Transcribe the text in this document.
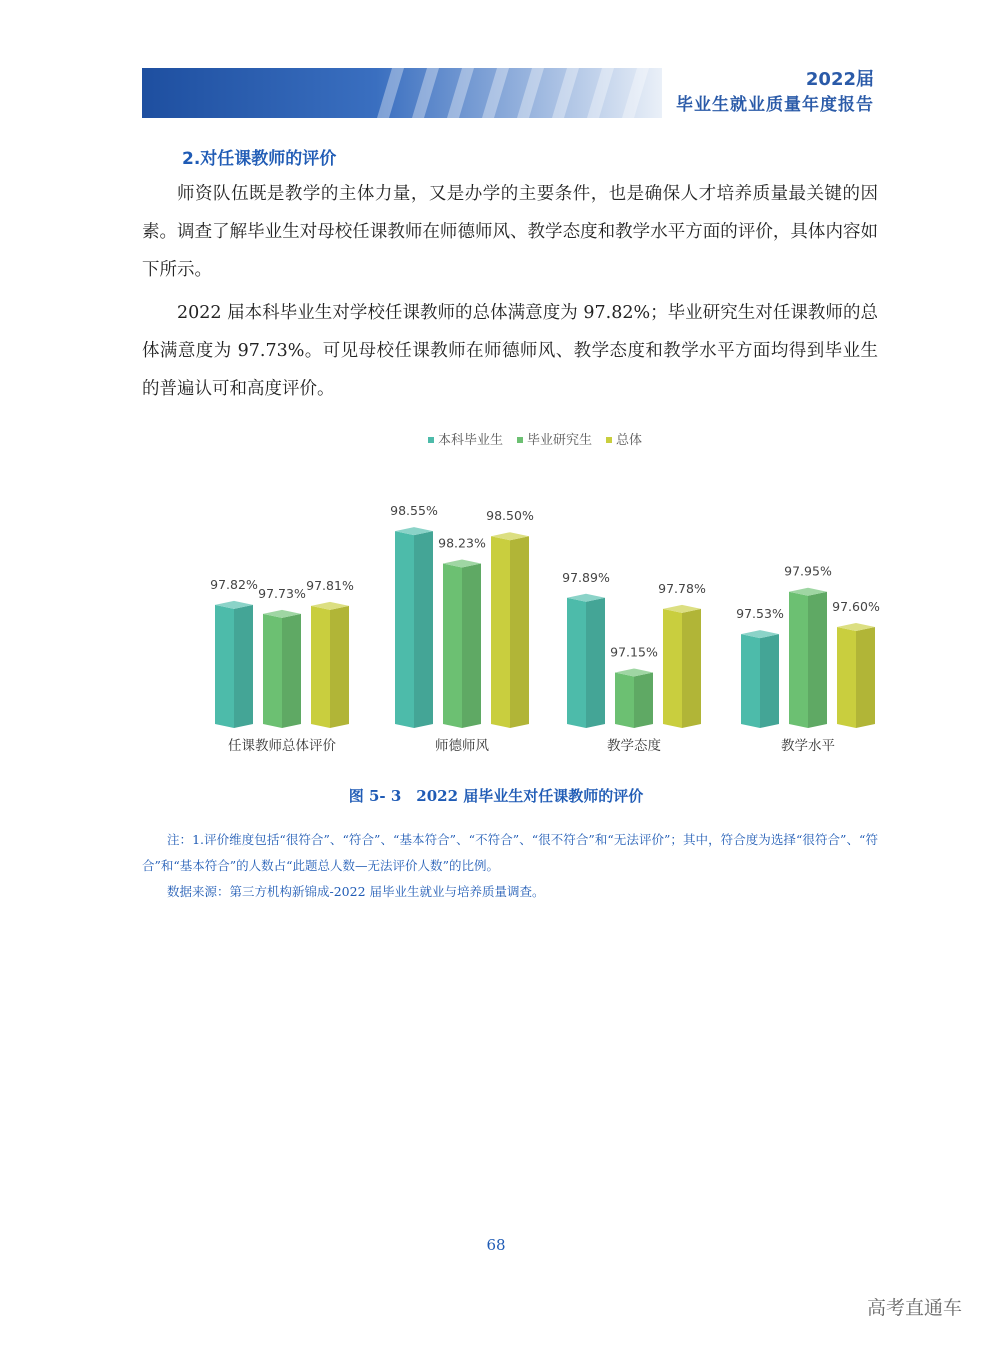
2022届
毕业生就业质量年度报告
2.对任课教师的评价

师资队伍既是教学的主体力量，又是办学的主要条件，也是确保人才培养质量最关键的因素。调查了解毕业生对母校任课教师在师德师风、教学态度和教学水平方面的评价，具体内容如下所示。

2022 届本科毕业生对学校任课教师的总体满意度为 97.82%；毕业研究生对任课教师的总体满意度为 97.73%。可见母校任课教师在师德师风、教学态度和教学水平方面均得到毕业生的普遍认可和高度评价。

本科毕业生 毕业研究生 总体
97.82%
97.73%
97.81%
任课教师总体评价
98.55%
98.23%
98.50%
师德师风
97.89%
97.15%
97.78%
教学态度
97.53%
97.95%
97.60%
教学水平
图 5- 3　2022 届毕业生对任课教师的评价

注：1.评价维度包括“很符合”、“符合”、“基本符合”、“不符合”、“很不符合”和“无法评价”；其中，符合度为选择“很符合”、“符合”和“基本符合”的人数占“此题总人数—无法评价人数”的比例。

数据来源：第三方机构新锦成-2022 届毕业生就业与培养质量调查。

68
高考直通车
